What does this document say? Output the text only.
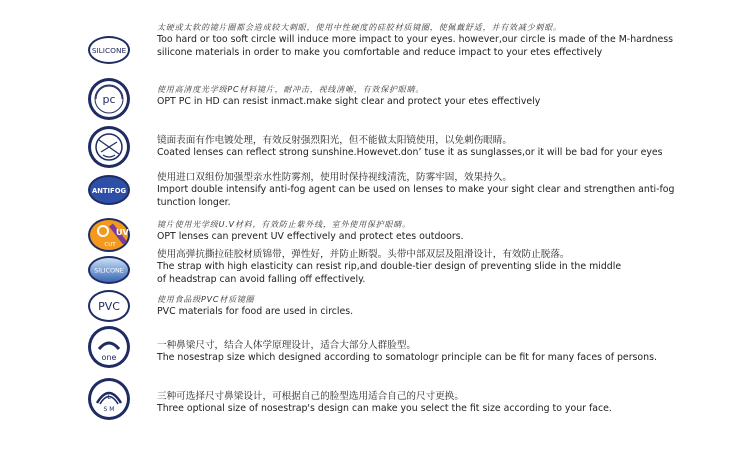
SILICONE
太硬或太软的镜片圈都会造成较大刺眼，使用中性硬度的硅胶材质镜圈，使佩戴舒适，并有效减少刺眼。
Too hard or too soft circle will induce more impact to your eyes. however,our circle is made of the M-hardness
silicone materials in order to make you comfortable and reduce impact to your etes effectively
pc
使用高清度光学级PC材料镜片，耐冲击，视线清晰，有效保护眼睛。
OPT PC in HD can resist inmact.make sight clear and protect your etes effectively
镜面表面有作电镀处理，有效反射强烈阳光，但不能做太阳镜使用，以免刺伤眼睛。
Coated lenses can reflect strong sunshine.Howevet.don’ tuse it as sunglasses,or it will be bad for your eyes
ANTIFOG
使用进口双组份加强型亲水性防雾剂，使用时保持视线清洗，防雾牢固，效果持久。
Import double intensify anti-fog agent can be used on lenses to make your sight clear and strengthen anti-fog
tunction longer.
UV
CUT
镜片使用光学级U.V材料，有效防止紫外线，室外使用保护眼睛。
OPT lenses can prevent UV effectively and protect etes outdoors.
SILICONE
使用高弹抗撕拉硅胶材质锦带，弹性好，并防止断裂。头带中部双层及阻滑设计，有效防止脱落。
The strap with high elasticity can resist rip,and double-tier design of preventing slide in the middle
of headstrap can avoid falling off effectively.
PVC
使用食品级PVC材质镜圈
PVC materials for food are used in circles.
one
一种鼻梁尺寸，结合人体学原理设计，适合大部分人群脸型。
The nosestrap size which designed according to somatologr principle can be fit for many faces of persons.
L
S M
三种可选择尺寸鼻梁设计，可根据自己的脸型选用适合自己的尺寸更换。
Three optional size of nosestrap's design can make you select the fit size according to your face.
